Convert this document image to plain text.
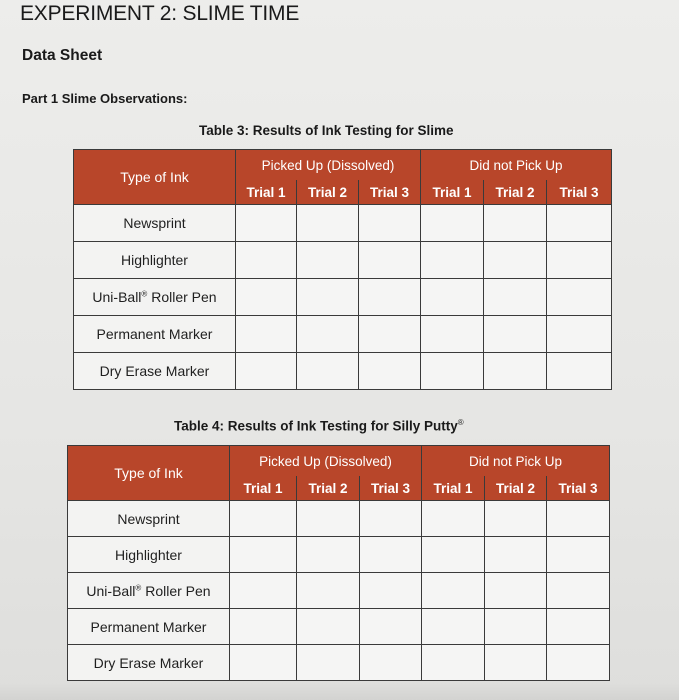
EXPERIMENT 2: SLIME TIME
Data Sheet
Part 1 Slime Observations:
Table 3: Results of Ink Testing for Slime
Type of Ink	Picked Up (Dissolved)			Did not Pick Up		
	Trial 1	Trial 2	Trial 3	Trial 1	Trial 2	Trial 3
Newsprint						
Highlighter						
Uni-Ball® Roller Pen						
Permanent Marker						
Dry Erase Marker						
Table 4: Results of Ink Testing for Silly Putty®
Type of Ink	Picked Up (Dissolved)			Did not Pick Up		
	Trial 1	Trial 2	Trial 3	Trial 1	Trial 2	Trial 3
Newsprint						
Highlighter						
Uni-Ball® Roller Pen						
Permanent Marker						
Dry Erase Marker						
